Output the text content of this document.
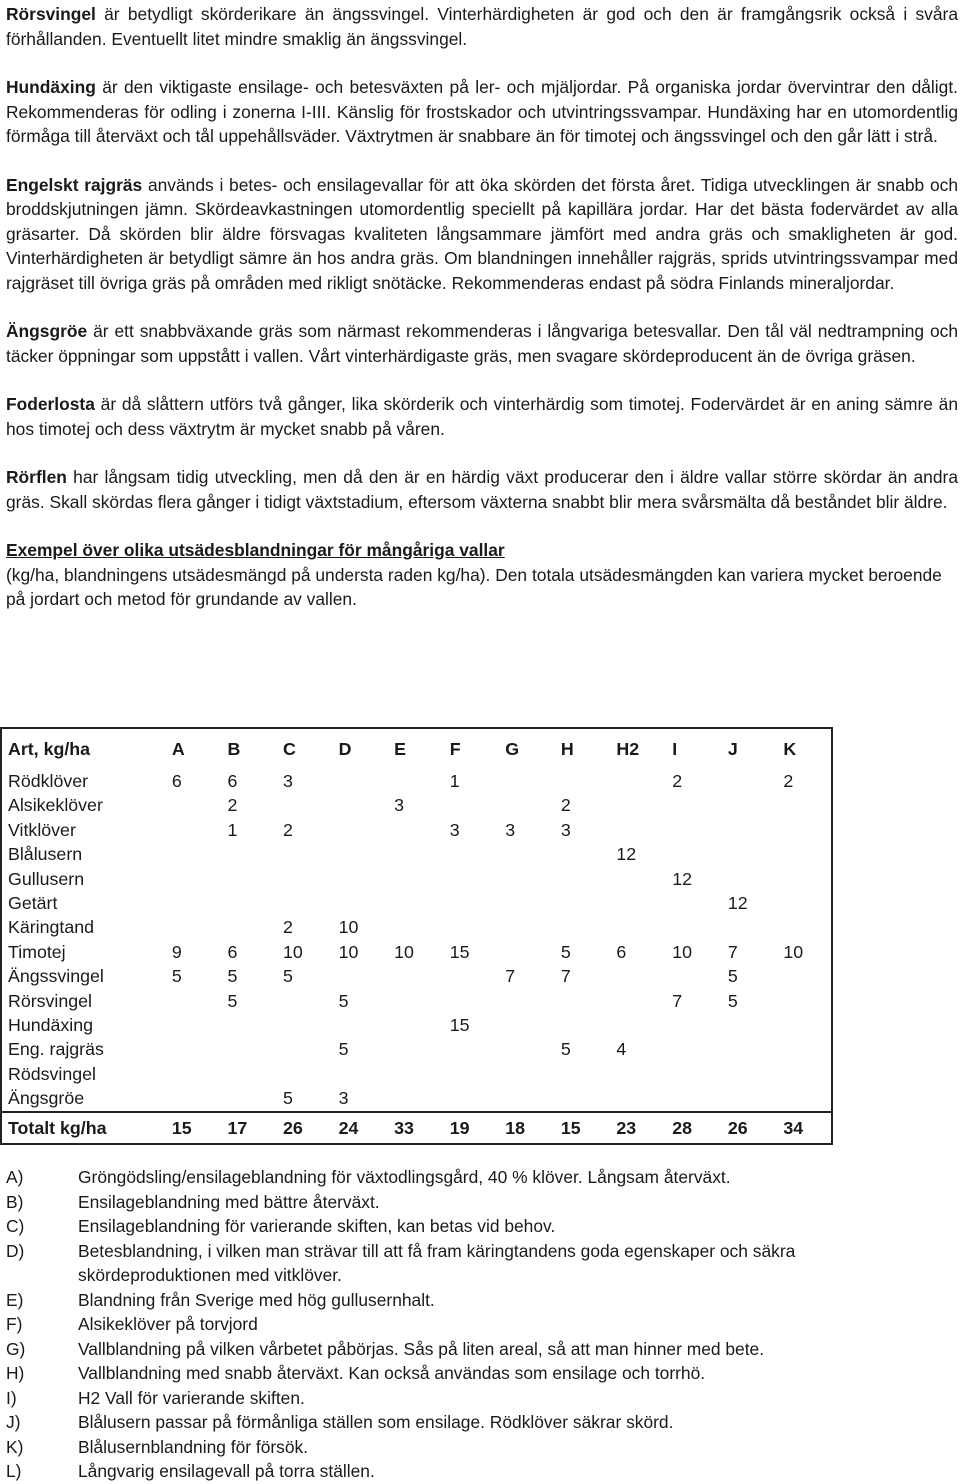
Rörsvingel är betydligt skörderikare än ängssvingel. Vinterhärdigheten är god och den är framgångsrik också i svåra förhållanden. Eventuellt litet mindre smaklig än ängssvingel.

Hundäxing är den viktigaste ensilage- och betesväxten på ler- och mjäljordar. På organiska jordar övervintrar den dåligt. Rekommenderas för odling i zonerna I-III. Känslig för frostskador och utvintringssvampar. Hundäxing har en utomordentlig förmåga till återväxt och tål uppehållsväder. Växtrytmen är snabbare än för timotej och ängssvingel och den går lätt i strå.

Engelskt rajgräs används i betes- och ensilagevallar för att öka skörden det första året. Tidiga utvecklingen är snabb och broddskjutningen jämn. Skördeavkastningen utomordentlig speciellt på kapillära jordar. Har det bästa fodervärdet av alla gräsarter. Då skörden blir äldre försvagas kvaliteten långsammare jämfört med andra gräs och smakligheten är god. Vinterhärdigheten är betydligt sämre än hos andra gräs. Om blandningen innehåller rajgräs, sprids utvintringssvampar med rajgräset till övriga gräs på områden med rikligt snötäcke. Rekommenderas endast på södra Finlands mineraljordar.

Ängsgröe är ett snabbväxande gräs som närmast rekommenderas i långvariga betesvallar. Den tål väl nedtrampning och täcker öppningar som uppstått i vallen. Vårt vinterhärdigaste gräs, men svagare skördeproducent än de övriga gräsen.

Foderlosta är då slåttern utförs två gånger, lika skörderik och vinterhärdig som timotej. Fodervärdet är en aning sämre än hos timotej och dess växtrytm är mycket snabb på våren.

Rörflen har långsam tidig utveckling, men då den är en härdig växt producerar den i äldre vallar större skördar än andra gräs. Skall skördas flera gånger i tidigt växtstadium, eftersom växterna snabbt blir mera svårsmälta då beståndet blir äldre.

Exempel över olika utsädesblandningar för mångåriga vallar

(kg/ha, blandningens utsädesmängd på understa raden kg/ha). Den totala utsädesmängden kan variera mycket beroende på jordart och metod för grundande av vallen.

Art, kg/ha	A	B	C	D	E	F	G	H	H2	I	J	K
Rödklöver	6	6	3			1				2		2
Alsikeklöver		2			3			2				
Vitklöver		1	2			3	3	3				
Blålusern									12			
Gullusern										12		
Getärt											12	
Käringtand			2	10								
Timotej	9	6	10	10	10	15		5	6	10	7	10
Ängssvingel	5	5	5				7	7			5	
Rörsvingel		5		5						7	5	
Hundäxing						15						
Eng. rajgräs				5				5	4			
Rödsvingel												
Ängsgröe			5	3								
Totalt kg/ha	15	17	26	24	33	19	18	15	23	28	26	34
A)	Gröngödsling/ensilageblandning för växtodlingsgård, 40 % klöver. Långsam återväxt.
B)	Ensilageblandning med bättre återväxt.
C)	Ensilageblandning för varierande skiften, kan betas vid behov.
D)	Betesblandning, i vilken man strävar till att få fram käringtandens goda egenskaper och säkra skördeproduktionen med vitklöver.
E)	Blandning från Sverige med hög gullusernhalt.
F)	Alsikeklöver på torvjord
G)	Vallblandning på vilken vårbetet påbörjas. Sås på liten areal, så att man hinner med bete.
H)	Vallblandning med snabb återväxt. Kan också användas som ensilage och torrhö.
I)	H2 Vall för varierande skiften.
J)	Blålusern passar på förmånliga ställen som ensilage. Rödklöver säkrar skörd.
K)	Blålusernblandning för försök.
L)	Långvarig ensilagevall på torra ställen.
